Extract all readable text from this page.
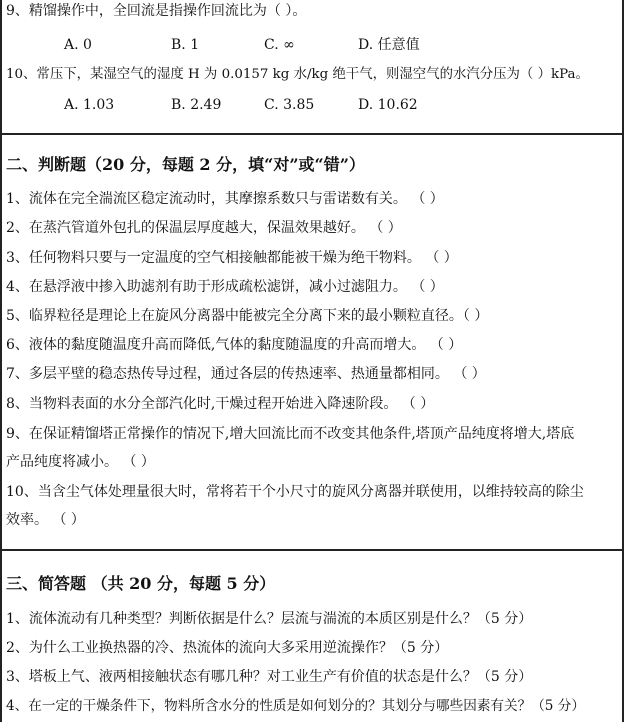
9、精馏操作中，全回流是指操作回流比为（ ）。
A. 0	B. 1	C. ∞	D. 任意值
10、常压下，某湿空气的湿度 H 为 0.0157 kg 水/kg 绝干气，则湿空气的水汽分压为（ ）kPa。
A. 1.03	B. 2.49	C. 3.85	D. 10.62
二、判断题（20 分，每题 2 分，填“对”或“错”）
1、流体在完全湍流区稳定流动时，其摩擦系数只与雷诺数有关。 （ ）
2、在蒸汽管道外包扎的保温层厚度越大，保温效果越好。 （ ）
3、任何物料只要与一定温度的空气相接触都能被干燥为绝干物料。 （ ）
4、在悬浮液中掺入助滤剂有助于形成疏松滤饼，减小过滤阻力。 （ ）
5、临界粒径是理论上在旋风分离器中能被完全分离下来的最小颗粒直径。（ ）
6、液体的黏度随温度升高而降低,气体的黏度随温度的升高而增大。 （ ）
7、多层平壁的稳态热传导过程，通过各层的传热速率、热通量都相同。 （ ）
8、当物料表面的水分全部汽化时,干燥过程开始进入降速阶段。 （ ）
9、在保证精馏塔正常操作的情况下,增大回流比而不改变其他条件,塔顶产品纯度将增大,塔底
产品纯度将减小。 （ ）
10、当含尘气体处理量很大时，常将若干个小尺寸的旋风分离器并联使用，以维持较高的除尘
效率。 （ ）
三、简答题 （共 20 分，每题 5 分）
1、流体流动有几种类型？判断依据是什么？层流与湍流的本质区别是什么？（5 分）
2、为什么工业换热器的冷、热流体的流向大多采用逆流操作？（5 分）
3、塔板上气、液两相接触状态有哪几种？对工业生产有价值的状态是什么？（5 分）
4、在一定的干燥条件下，物料所含水分的性质是如何划分的？其划分与哪些因素有关？（5 分）
